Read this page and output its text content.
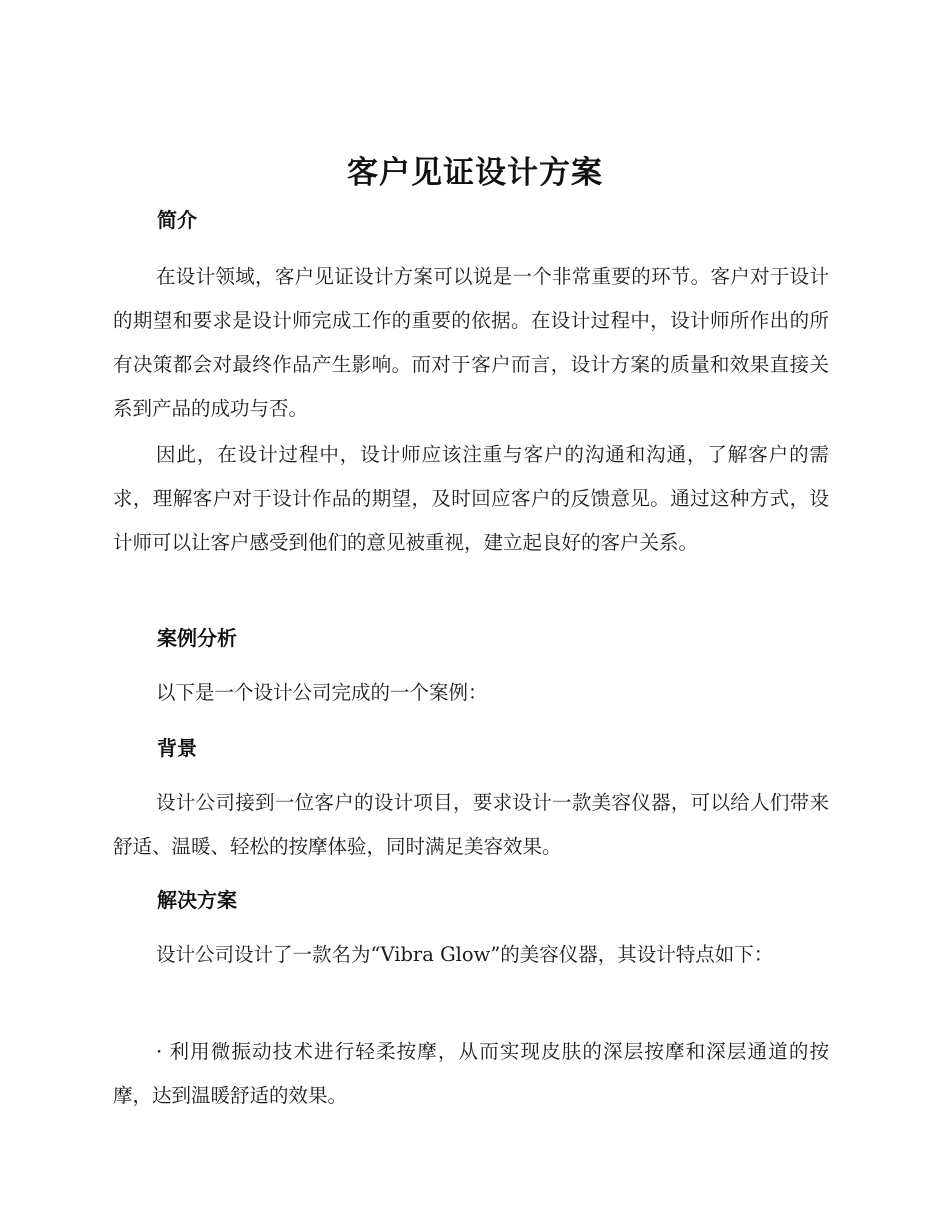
客户见证设计方案
简介

在设计领域，客户见证设计方案可以说是一个非常重要的环节。客户对于设计的期望和要求是设计师完成工作的重要的依据。在设计过程中，设计师所作出的所有决策都会对最终作品产生影响。而对于客户而言，设计方案的质量和效果直接关系到产品的成功与否。

因此，在设计过程中，设计师应该注重与客户的沟通和沟通，了解客户的需求，理解客户对于设计作品的期望，及时回应客户的反馈意见。通过这种方式，设计师可以让客户感受到他们的意见被重视，建立起良好的客户关系。

案例分析

以下是一个设计公司完成的一个案例：

背景

设计公司接到一位客户的设计项目，要求设计一款美容仪器，可以给人们带来舒适、温暖、轻松的按摩体验，同时满足美容效果。

解决方案

设计公司设计了一款名为“Vibra Glow”的美容仪器，其设计特点如下：

· 利用微振动技术进行轻柔按摩，从而实现皮肤的深层按摩和深层通道的按摩，达到温暖舒适的效果。
